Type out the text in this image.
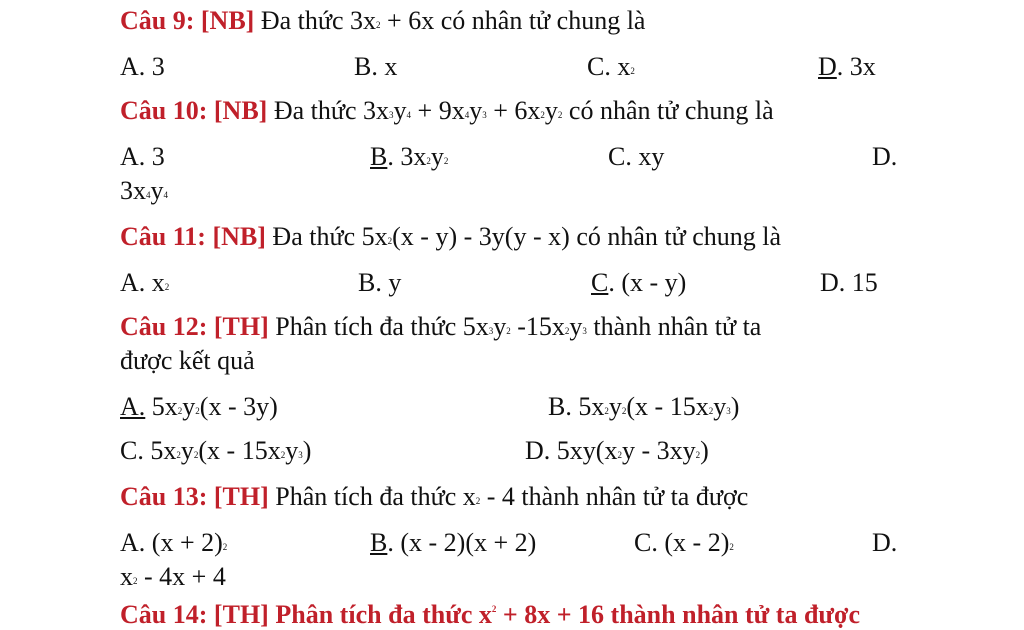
Câu 9: [NB] Đa thức $3x^2 + 6x$ có nhân tử chung là
A. 3	B. x	C. $x^2$	D. 3x
Câu 10: [NB] Đa thức $3x^3y^4 + 9x^4y^3 + 6x^2y^2$ có nhân tử chung là
A. 3	B. $3x^2y^2$	C. xy	D.
$3x^4y^4$
Câu 11: [NB] Đa thức $5x^2(x - y) - 3y(y - x)$ có nhân tử chung là
A. $x^2$	B. y	C. (x - y)	D. 15
Câu 12: [TH] Phân tích đa thức $5x^3y^2$ $-15x^2y^3$ thành nhân tử ta
được kết quả
A. $5x^2y^2(x - 3y)$	B. $5x^2y^2(x - 15x^2y^3)$
C. $5x^2y^2(x - 15x^2y^3)$	D. $5xy(x^2y - 3xy^2)$
Câu 13: [TH] Phân tích đa thức $x^2 - 4$ thành nhân tử ta được
A. $(x + 2)^2$	B. (x - 2)(x + 2)	C. (x - 2)$^2$	D.
$x^2 - 4x + 4$
Câu 14: [TH] Phân tích đa thức $x^2 + 8x + 16$ thành nhân tử ta được
